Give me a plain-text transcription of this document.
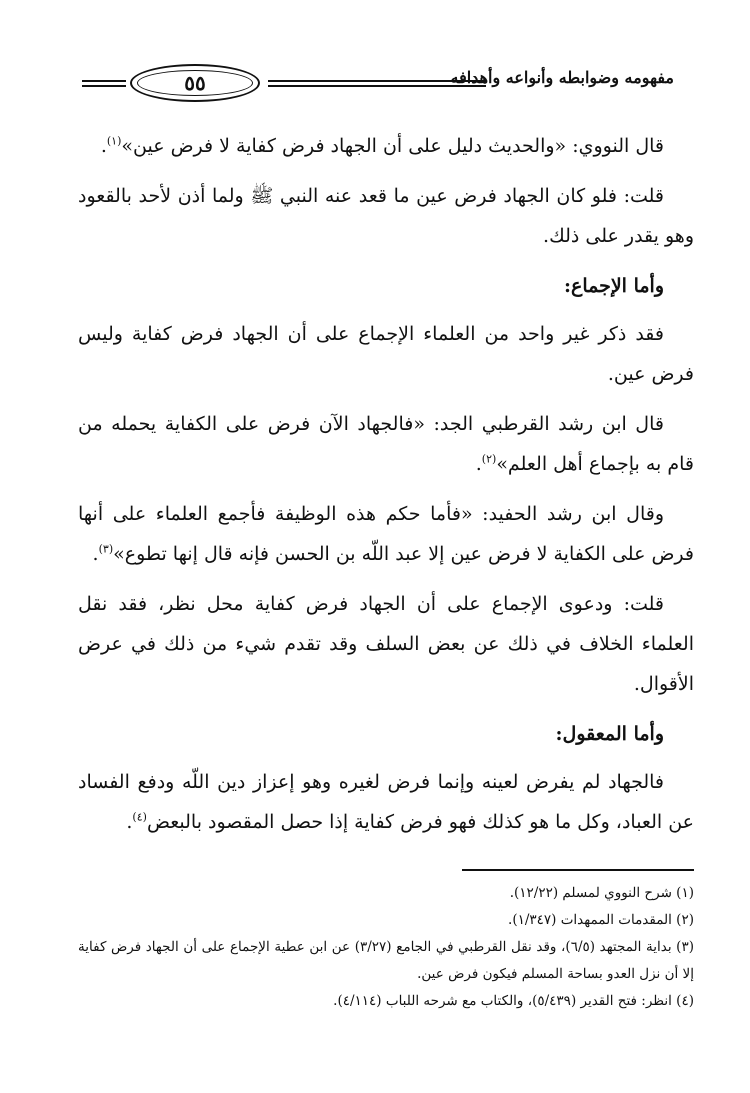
٥٥	مفهومه وضوابطه وأنواعه وأهدافه

قال النووي: «والحديث دليل على أن الجهاد فرض كفاية لا فرض عين»$^{(١)}$.

قلت: فلو كان الجهاد فرض عين ما قعد عنه النبي ﷺ ولما أذن لأحد بالقعود وهو يقدر على ذلك.

وأما الإجماع:

فقد ذكر غير واحد من العلماء الإجماع على أن الجهاد فرض كفاية وليس فرض عين.

قال ابن رشد القرطبي الجد: «فالجهاد الآن فرض على الكفاية يحمله من قام به بإجماع أهل العلم»$^{(٢)}$.

وقال ابن رشد الحفيد: «فأما حكم هذه الوظيفة فأجمع العلماء على أنها فرض على الكفاية لا فرض عين إلا عبد اللّه بن الحسن فإنه قال إنها تطوع»$^{(٣)}$.

قلت: ودعوى الإجماع على أن الجهاد فرض كفاية محل نظر، فقد نقل العلماء الخلاف في ذلك عن بعض السلف وقد تقدم شيء من ذلك في عرض الأقوال.

وأما المعقول:

فالجهاد لم يفرض لعينه وإنما فرض لغيره وهو إعزاز دين اللّه ودفع الفساد عن العباد، وكل ما هو كذلك فهو فرض كفاية إذا حصل المقصود بالبعض$^{(٤)}$.

(١) شرح النووي لمسلم (١٢/٢٢).

(٢) المقدمات الممهدات (١/٣٤٧).

(٣) بداية المجتهد (٦/٥)، وقد نقل القرطبي في الجامع (٣/٢٧) عن ابن عطية الإجماع على أن الجهاد فرض كفاية إلا أن نزل العدو بساحة المسلم فيكون فرض عين.

(٤) انظر: فتح القدير (٥/٤٣٩)، والكتاب مع شرحه اللباب (٤/١١٤).
